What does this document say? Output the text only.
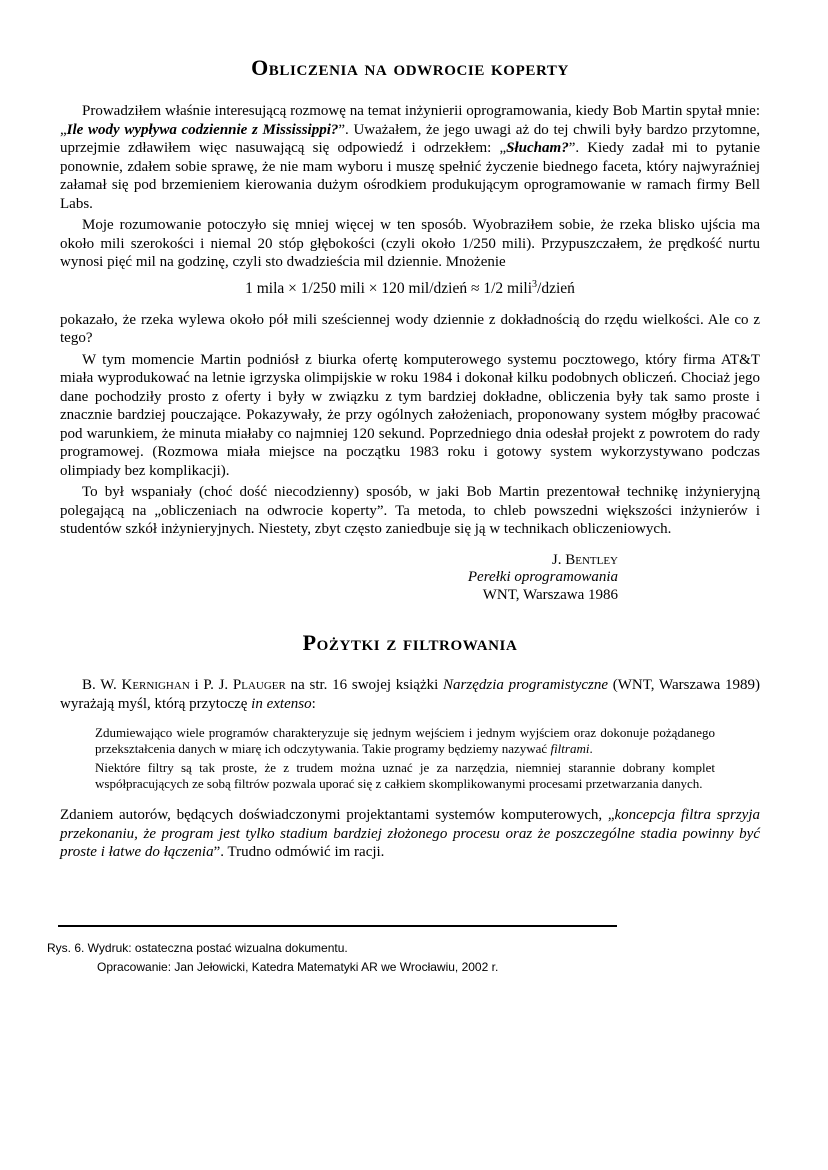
Obliczenia na odwrocie koperty

Prowadziłem właśnie interesującą rozmowę na temat inżynierii oprogramowania, kiedy Bob Martin spytał mnie: „Ile wody wypływa codziennie z Mississippi?”. Uważałem, że jego uwagi aż do tej chwili były bardzo przytomne, uprzejmie zdławiłem więc nasuwającą się odpowiedź i odrzekłem: „Słucham?”. Kiedy zadał mi to pytanie ponownie, zdałem sobie sprawę, że nie mam wyboru i muszę spełnić życzenie biednego faceta, który najwyraźniej załamał się pod brzemieniem kierowania dużym ośrodkiem produkującym oprogramowanie w ramach firmy Bell Labs.

Moje rozumowanie potoczyło się mniej więcej w ten sposób. Wyobraziłem sobie, że rzeka blisko ujścia ma około mili szerokości i niemal 20 stóp głębokości (czyli około 1/250 mili). Przypuszczałem, że prędkość nurtu wynosi pięć mil na godzinę, czyli sto dwadzieścia mil dziennie. Mnożenie

1 mila × 1/250 mili × 120 mil/dzień ≈ 1/2 mili$^3$/dzień

pokazało, że rzeka wylewa około pół mili sześciennej wody dziennie z dokładnością do rzędu wielkości. Ale co z tego?

W tym momencie Martin podniósł z biurka ofertę komputerowego systemu pocztowego, który firma AT&T miała wyprodukować na letnie igrzyska olimpijskie w roku 1984 i dokonał kilku podobnych obliczeń. Chociaż jego dane pochodziły prosto z oferty i były w związku z tym bardziej dokładne, obliczenia były tak samo proste i znacznie bardziej pouczające. Pokazywały, że przy ogólnych założeniach, proponowany system mógłby pracować pod warunkiem, że minuta miałaby co najmniej 120 sekund. Poprzedniego dnia odesłał projekt z powrotem do rady programowej. (Rozmowa miała miejsce na początku 1983 roku i gotowy system wykorzystywano podczas olimpiady bez komplikacji).

To był wspaniały (choć dość niecodzienny) sposób, w jaki Bob Martin prezentował technikę inżynieryjną polegającą na „obliczeniach na odwrocie koperty”. Ta metoda, to chleb powszedni większości inżynierów i studentów szkół inżynieryjnych. Niestety, zbyt często zaniedbuje się ją w technikach obliczeniowych.

J. Bentley
Perełki oprogramowania
WNT, Warszawa 1986
Pożytki z filtrowania

B. W. Kernighan i P. J. Plauger na str. 16 swojej książki Narzędzia programistyczne (WNT, Warszawa 1989) wyrażają myśl, którą przytoczę in extenso:

Zdumiewająco wiele programów charakteryzuje się jednym wejściem i jednym wyjściem oraz dokonuje pożądanego przekształcenia danych w miarę ich odczytywania. Takie programy będziemy nazywać filtrami.

Niektóre filtry są tak proste, że z trudem można uznać je za narzędzia, niemniej starannie dobrany komplet współpracujących ze sobą filtrów pozwala uporać się z całkiem skomplikowanymi procesami przetwarzania danych.

Zdaniem autorów, będących doświadczonymi projektantami systemów komputerowych, „koncepcja filtra sprzyja przekonaniu, że program jest tylko stadium bardziej złożonego procesu oraz że poszczególne stadia powinny być proste i łatwe do łączenia”. Trudno odmówić im racji.

Rys. 6. Wydruk: ostateczna postać wizualna dokumentu.
Opracowanie: Jan Jełowicki, Katedra Matematyki AR we Wrocławiu, 2002 r.
